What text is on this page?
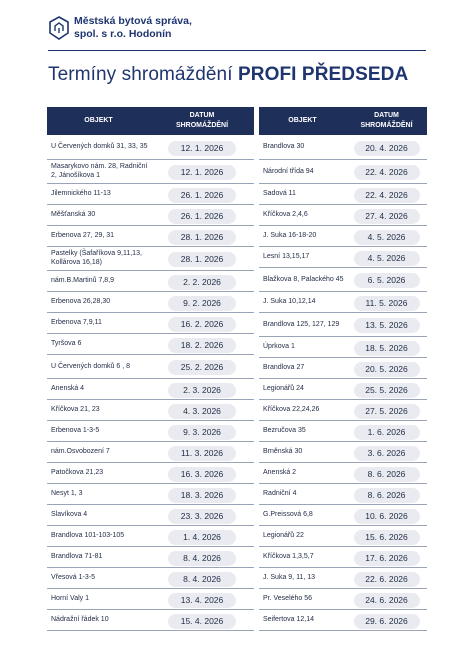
Městská bytová správa,
spol. s r.o. Hodonín
Termíny shromáždění PROFI PŘEDSEDA
OBJEKT	DATUM
SHROMÁŽDĚNÍ
U Červených domků 31, 33, 35	12. 1. 2026
Masarykovo nám. 28, Radniční 2, Jánošíkova 1	12. 1. 2026
Jilemnického 11-13	26. 1. 2026
Měšťanská 30	26. 1. 2026
Erbenova 27, 29, 31	28. 1. 2026
Pastelky (Šafaříkova 9,11,13, Kollárova 16,18)	28. 1. 2026
nám.B.Martinů 7,8,9	2. 2. 2026
Erbenova 26,28,30	9. 2. 2026
Erbenova 7,9,11	16. 2. 2026
Tyršova 6	18. 2. 2026
U Červených domků 6 , 8	25. 2. 2026
Anenská 4	2. 3. 2026
Kříčkova 21, 23	4. 3. 2026
Erbenova 1-3-5	9. 3. 2026
nám.Osvobození 7	11. 3. 2026
Patočkova 21,23	16. 3. 2026
Nesyt 1, 3	18. 3. 2026
Slavíkova 4	23. 3. 2026
Brandlova 101-103-105	1. 4. 2026
Brandlova 71-81	8. 4. 2026
Vřesová 1-3-5	8. 4. 2026
Horní Valy 1	13. 4. 2026
Nádražní řádek 10	15. 4. 2026
OBJEKT	DATUM
SHROMÁŽDĚNÍ
Brandlova 30	20. 4. 2026
Národní třída 94	22. 4. 2026
Sadová 11	22. 4. 2026
Kříčkova 2,4,6	27. 4. 2026
J. Suka 16-18-20	4. 5. 2026
Lesní 13,15,17	4. 5. 2026
Blažkova 8, Palackého 45	6. 5. 2026
J. Suka 10,12,14	11. 5. 2026
Brandlova 125, 127, 129	13. 5. 2026
Úprkova 1	18. 5. 2026
Brandlova 27	20. 5. 2026
Legionářů 24	25. 5. 2026
Kříčkova 22,24,26	27. 5. 2026
Bezručova 35	1. 6. 2026
Brněnská 30	3. 6. 2026
Anenská 2	8. 6. 2026
Radniční 4	8. 6. 2026
G.Preissová 6,8	10. 6. 2026
Legionářů 22	15. 6. 2026
Kříčkova 1,3,5,7	17. 6. 2026
J. Suka 9, 11, 13	22. 6. 2026
Pr. Veselého 56	24. 6. 2026
Seifertova 12,14	29. 6. 2026
